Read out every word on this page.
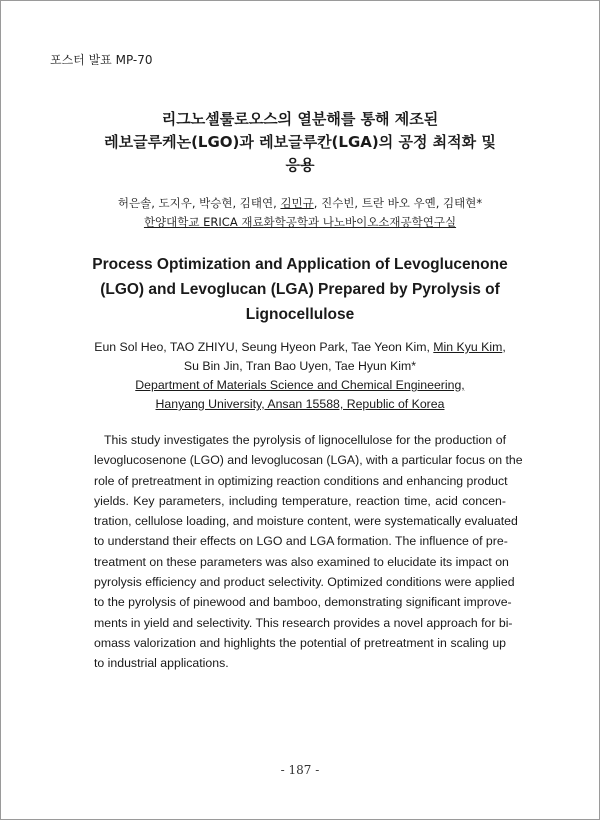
포스터 발표 MP-70
리그노셀룰로오스의 열분해를 통해 제조된
레보글루케논(LGO)과 레보글루칸(LGA)의 공정 최적화 및
응용
허은솔, 도지우, 박승현, 김태연, 김민규, 진수빈, 트란 바오 우옌, 김태현*
한양대학교 ERICA 재료화학공학과 나노바이오소재공학연구실
Process Optimization and Application of Levoglucenone
(LGO) and Levoglucan (LGA) Prepared by Pyrolysis of
Lignocellulose
Eun Sol Heo, TAO ZHIYU, Seung Hyeon Park, Tae Yeon Kim, Min Kyu Kim,
Su Bin Jin, Tran Bao Uyen, Tae Hyun Kim*
Department of Materials Science and Chemical Engineering,
Hanyang University, Ansan 15588, Republic of Korea
This study investigates the pyrolysis of lignocellulose for the production of
levoglucosenone (LGO) and levoglucosan (LGA), with a particular focus on the
role of pretreatment in optimizing reaction conditions and enhancing product
yields. Key parameters, including temperature, reaction time, acid concen-
tration, cellulose loading, and moisture content, were systematically evaluated
to understand their effects on LGO and LGA formation. The influence of pre-
treatment on these parameters was also examined to elucidate its impact on
pyrolysis efficiency and product selectivity. Optimized conditions were applied
to the pyrolysis of pinewood and bamboo, demonstrating significant improve-
ments in yield and selectivity. This research provides a novel approach for bi-
omass valorization and highlights the potential of pretreatment in scaling up
to industrial applications.
- 187 -
